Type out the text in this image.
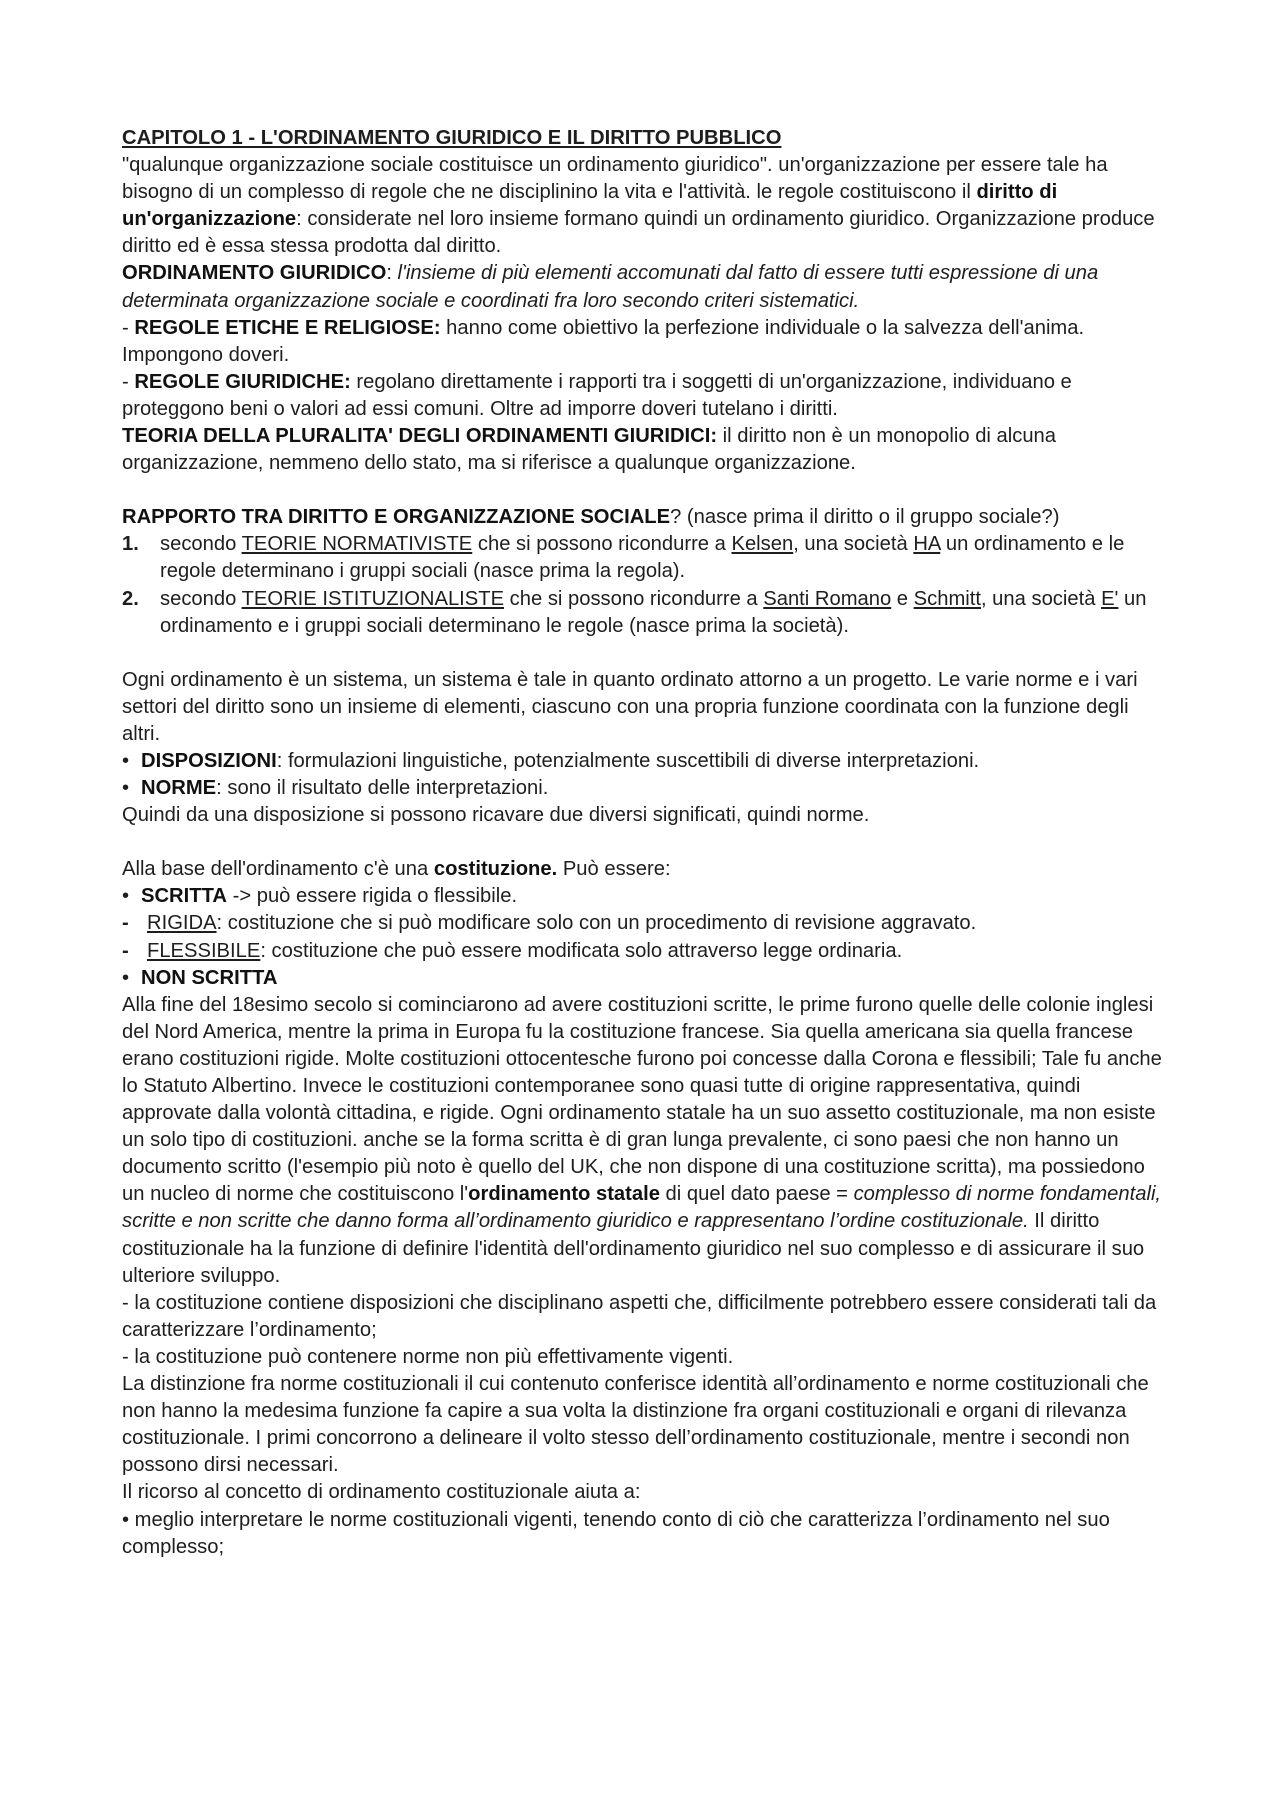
CAPITOLO 1 - L'ORDINAMENTO GIURIDICO E IL DIRITTO PUBBLICO

"qualunque organizzazione sociale costituisce un ordinamento giuridico". un'organizzazione per essere tale ha bisogno di un complesso di regole che ne disciplinino la vita e l'attività. le regole costituiscono il diritto di un'organizzazione: considerate nel loro insieme formano quindi un ordinamento giuridico. Organizzazione produce diritto ed è essa stessa prodotta dal diritto.

ORDINAMENTO GIURIDICO: l'insieme di più elementi accomunati dal fatto di essere tutti espressione di una determinata organizzazione sociale e coordinati fra loro secondo criteri sistematici.

- REGOLE ETICHE E RELIGIOSE: hanno come obiettivo la perfezione individuale o la salvezza dell'anima. Impongono doveri.

- REGOLE GIURIDICHE: regolano direttamente i rapporti tra i soggetti di un'organizzazione, individuano e proteggono beni o valori ad essi comuni. Oltre ad imporre doveri tutelano i diritti.

TEORIA DELLA PLURALITA' DEGLI ORDINAMENTI GIURIDICI: il diritto non è un monopolio di alcuna organizzazione, nemmeno dello stato, ma si riferisce a qualunque organizzazione.

RAPPORTO TRA DIRITTO E ORGANIZZAZIONE SOCIALE? (nasce prima il diritto o il gruppo sociale?)

1.	secondo TEORIE NORMATIVISTE che si possono ricondurre a Kelsen, una società HA un ordinamento e le regole determinano i gruppi sociali (nasce prima la regola).
2.	secondo TEORIE ISTITUZIONALISTE che si possono ricondurre a Santi Romano e Schmitt, una società E' un ordinamento e i gruppi sociali determinano le regole (nasce prima la società).

Ogni ordinamento è un sistema, un sistema è tale in quanto ordinato attorno a un progetto. Le varie norme e i vari settori del diritto sono un insieme di elementi, ciascuno con una propria funzione coordinata con la funzione degli altri.

• DISPOSIZIONI: formulazioni linguistiche, potenzialmente suscettibili di diverse interpretazioni.
• NORME: sono il risultato delle interpretazioni.

Quindi da una disposizione si possono ricavare due diversi significati, quindi norme.

Alla base dell'ordinamento c'è una costituzione. Può essere:

• SCRITTA -> può essere rigida o flessibile.
- RIGIDA: costituzione che si può modificare solo con un procedimento di revisione aggravato.
- FLESSIBILE: costituzione che può essere modificata solo attraverso legge ordinaria.
• NON SCRITTA

Alla fine del 18esimo secolo si cominciarono ad avere costituzioni scritte, le prime furono quelle delle colonie inglesi del Nord America, mentre la prima in Europa fu la costituzione francese. Sia quella americana sia quella francese erano costituzioni rigide. Molte costituzioni ottocentesche furono poi concesse dalla Corona e flessibili; Tale fu anche lo Statuto Albertino. Invece le costituzioni contemporanee sono quasi tutte di origine rappresentativa, quindi approvate dalla volontà cittadina, e rigide. Ogni ordinamento statale ha un suo assetto costituzionale, ma non esiste un solo tipo di costituzioni. anche se la forma scritta è di gran lunga prevalente, ci sono paesi che non hanno un documento scritto (l'esempio più noto è quello del UK, che non dispone di una costituzione scritta), ma possiedono un nucleo di norme che costituiscono l'ordinamento statale di quel dato paese = complesso di norme fondamentali, scritte e non scritte che danno forma all’ordinamento giuridico e rappresentano l’ordine costituzionale. Il diritto costituzionale ha la funzione di definire l'identità dell'ordinamento giuridico nel suo complesso e di assicurare il suo ulteriore sviluppo.

- la costituzione contiene disposizioni che disciplinano aspetti che, difficilmente potrebbero essere considerati tali da caratterizzare l’ordinamento;

- la costituzione può contenere norme non più effettivamente vigenti.

La distinzione fra norme costituzionali il cui contenuto conferisce identità all’ordinamento e norme costituzionali che non hanno la medesima funzione fa capire a sua volta la distinzione fra organi costituzionali e organi di rilevanza costituzionale. I primi concorrono a delineare il volto stesso dell’ordinamento costituzionale, mentre i secondi non possono dirsi necessari.

Il ricorso al concetto di ordinamento costituzionale aiuta a:

• meglio interpretare le norme costituzionali vigenti, tenendo conto di ciò che caratterizza l’ordinamento nel suo complesso;
